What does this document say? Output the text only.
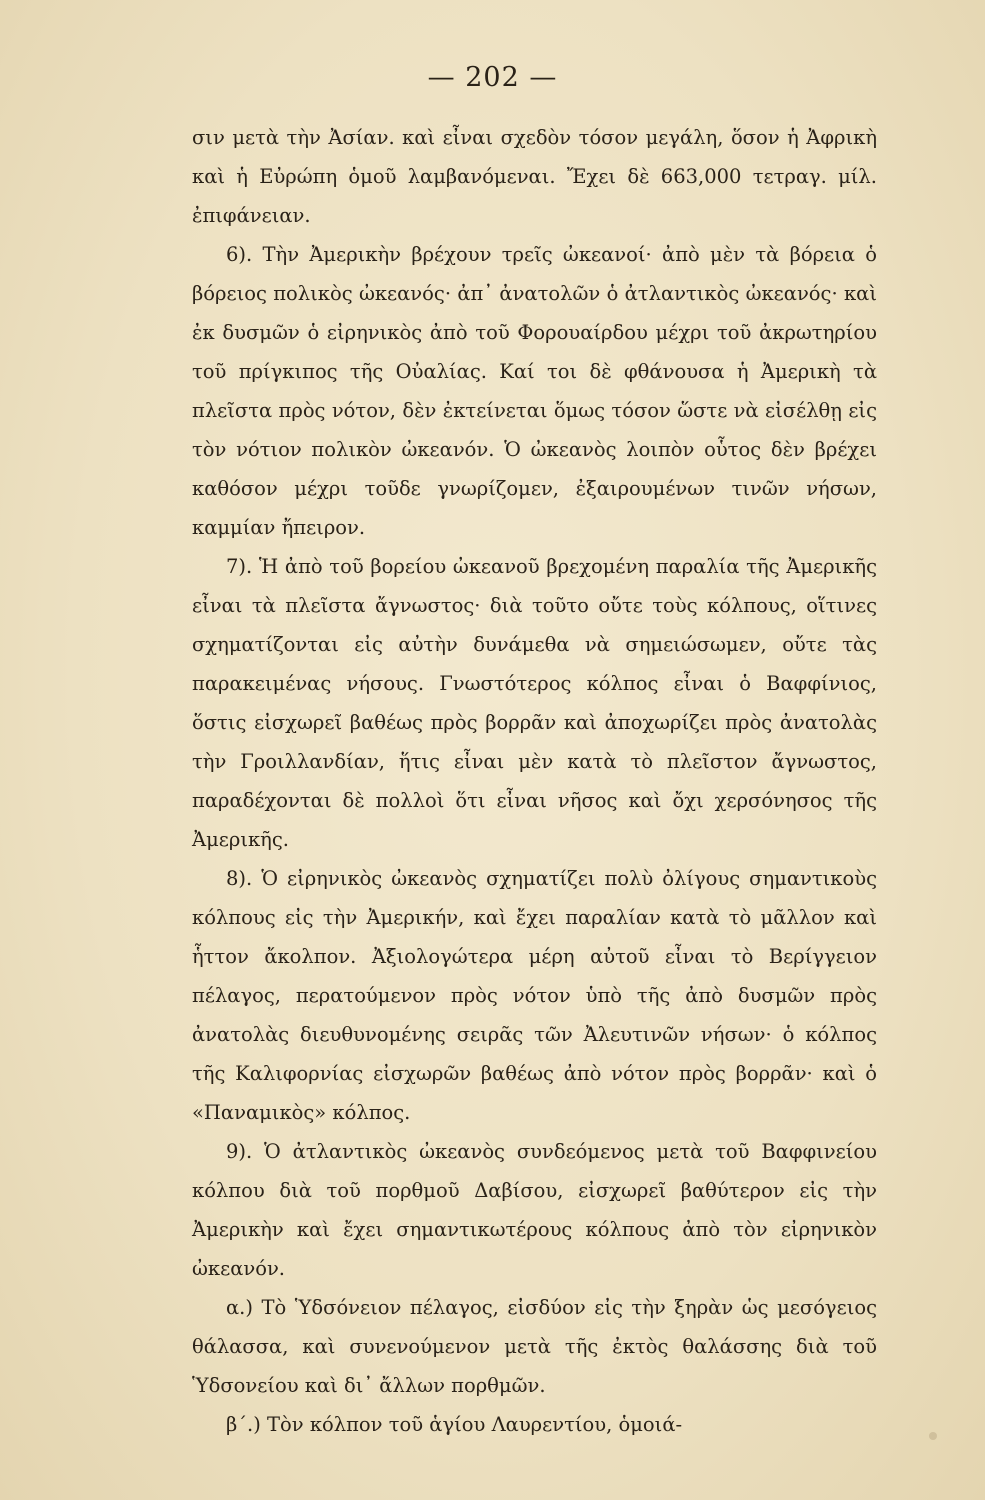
— 202 —

σιν μετὰ τὴν Ἀσίαν. καὶ εἶναι σχεδὸν τόσον μεγάλη, ὅσον ἡ Ἀφρικὴ καὶ ἡ Εὐρώπη ὁμοῦ λαμβανόμεναι. Ἔχει δὲ 663,000 τετραγ. μίλ. ἐπιφάνειαν.

6). Τὴν Ἀμερικὴν βρέχουν τρεῖς ὠκεανοί· ἀπὸ μὲν τὰ βόρεια ὁ βόρειος πολικὸς ὠκεανός· ἀπ᾽ ἀνατολῶν ὁ ἀτλαντικὸς ὠκεανός· καὶ ἐκ δυσμῶν ὁ εἰρηνικὸς ἀπὸ τοῦ Φορουαίρδου μέχρι τοῦ ἀκρωτηρίου τοῦ πρίγκιπος τῆς Οὐαλίας. Καί τοι δὲ φθάνουσα ἡ Ἀμερικὴ τὰ πλεῖστα πρὸς νότον, δὲν ἐκτείνεται ὅμως τόσον ὥστε νὰ εἰσέλθῃ εἰς τὸν νότιον πολικὸν ὠκεανόν. Ὁ ὠκεανὸς λοιπὸν οὗτος δὲν βρέχει καθόσον μέχρι τοῦδε γνωρίζομεν, ἐξαιρουμένων τινῶν νήσων, καμμίαν ἤπειρον.

7). Ἡ ἀπὸ τοῦ βορείου ὠκεανοῦ βρεχομένη παραλία τῆς Ἀμερικῆς εἶναι τὰ πλεῖστα ἄγνωστος· διὰ τοῦτο οὔτε τοὺς κόλπους, οἵτινες σχηματίζονται εἰς αὐτὴν δυνάμεθα νὰ σημειώσωμεν, οὔτε τὰς παρακειμένας νήσους. Γνωστότερος κόλπος εἶναι ὁ Βαφφίνιος, ὅστις εἰσχωρεῖ βαθέως πρὸς βορρᾶν καὶ ἀποχωρίζει πρὸς ἀνατολὰς τὴν Γροιλλανδίαν, ἥτις εἶναι μὲν κατὰ τὸ πλεῖστον ἄγνωστος, παραδέχονται δὲ πολλοὶ ὅτι εἶναι νῆσος καὶ ὄχι χερσόνησος τῆς Ἀμερικῆς.

8). Ὁ εἰρηνικὸς ὠκεανὸς σχηματίζει πολὺ ὀλίγους σημαντικοὺς κόλπους εἰς τὴν Ἀμερικήν, καὶ ἔχει παραλίαν κατὰ τὸ μᾶλλον καὶ ἧττον ἄκολπον. Ἀξιολογώτερα μέρη αὐτοῦ εἶναι τὸ Βερίγγειον πέλαγος, περατούμενον πρὸς νότον ὑπὸ τῆς ἀπὸ δυσμῶν πρὸς ἀνατολὰς διευθυνομένης σειρᾶς τῶν Ἀλευτινῶν νήσων· ὁ κόλπος τῆς Καλιφορνίας εἰσχωρῶν βαθέως ἀπὸ νότον πρὸς βορρᾶν· καὶ ὁ «Παναμικὸς» κόλπος.

9). Ὁ ἀτλαντικὸς ὠκεανὸς συνδεόμενος μετὰ τοῦ Βαφφινείου κόλπου διὰ τοῦ πορθμοῦ Δαβίσου, εἰσχωρεῖ βαθύτερον εἰς τὴν Ἀμερικὴν καὶ ἔχει σημαντικωτέρους κόλπους ἀπὸ τὸν εἰρηνικὸν ὠκεανόν.

α.) Τὸ Ὑδσόνειον πέλαγος, εἰσδύον εἰς τὴν ξηρὰν ὡς μεσόγειος θάλασσα, καὶ συνενούμενον μετὰ τῆς ἐκτὸς θαλάσσης διὰ τοῦ Ὑδσονείου καὶ δι᾽ ἄλλων πορθμῶν.

β΄.) Τὸν κόλπον τοῦ ἁγίου Λαυρεντίου, ὁμοιά-
